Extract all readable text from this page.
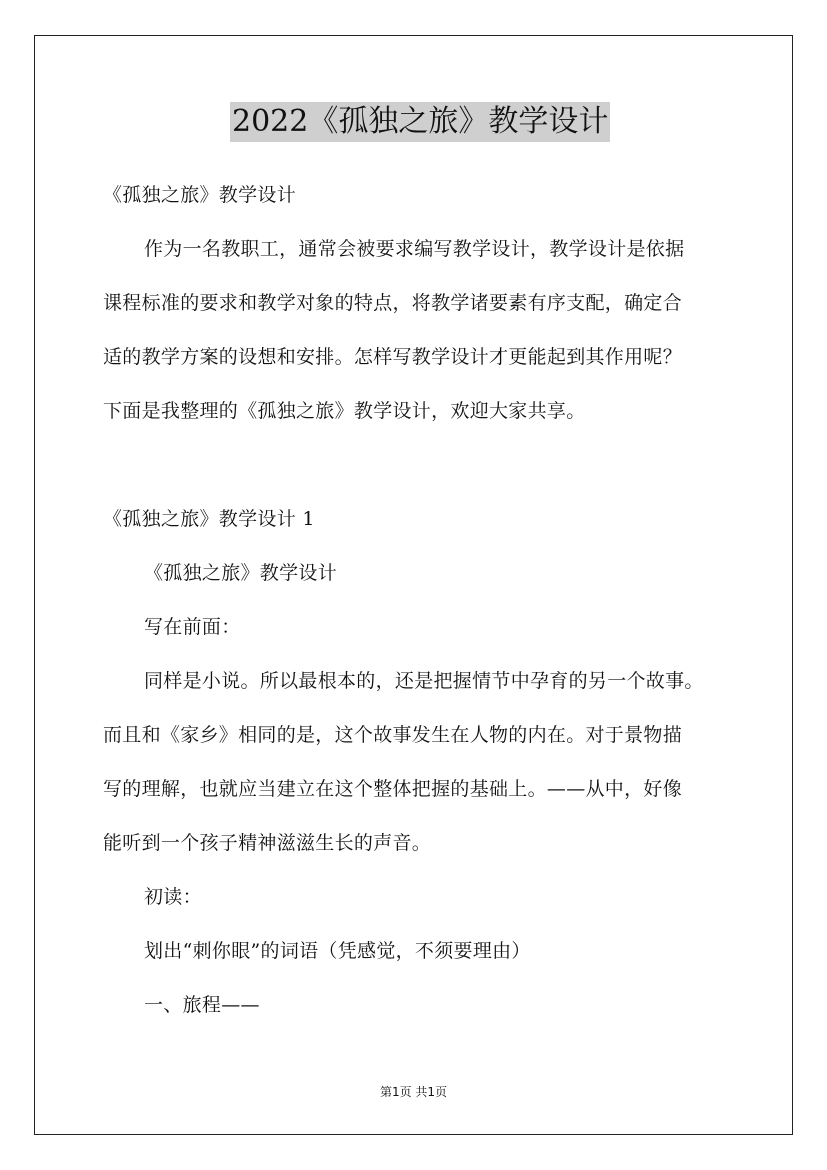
2022《孤独之旅》教学设计
《孤独之旅》教学设计
作为一名教职工，通常会被要求编写教学设计，教学设计是依据
课程标准的要求和教学对象的特点，将教学诸要素有序支配，确定合
适的教学方案的设想和安排。怎样写教学设计才更能起到其作用呢？
下面是我整理的《孤独之旅》教学设计，欢迎大家共享。
《孤独之旅》教学设计 1
《孤独之旅》教学设计
写在前面：
同样是小说。所以最根本的，还是把握情节中孕育的另一个故事。
而且和《家乡》相同的是，这个故事发生在人物的内在。对于景物描
写的理解，也就应当建立在这个整体把握的基础上。——从中，好像
能听到一个孩子精神滋滋生长的声音。
初读：
划出“刺你眼”的词语（凭感觉，不须要理由）
一、旅程——
第1页 共1页
